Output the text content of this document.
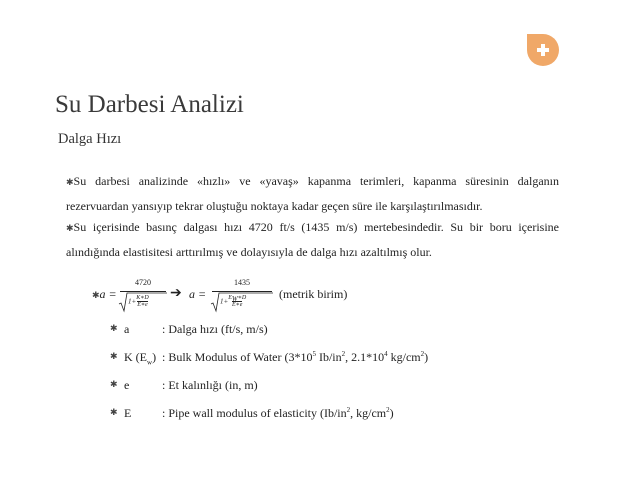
Su Darbesi Analizi
Dalga Hızı
✱Su darbesi analizinde «hızlı» ve «yavaş» kapanma terimleri, kapanma süresinin dalganın
rezervuardan yansıyıp tekrar oluştuğu noktaya kadar geçen süre ile karşılaştırılmasıdır.
✱Su içerisinde basınç dalgası hızı 4720 ft/s (1435 m/s) mertebesindedir. Su bir boru içerisine
alındığında elastisitesi arttırılmış ve dolayısıyla de dalga hızı azaltılmış olur.
✱a =
4720
$1+\frac{K∗D}{E∗e}$
➔ a =
1435
$1+\frac{E_W∗D}{E∗e}$
(metrik birim)
✱ a	: Dalga hızı (ft/s, m/s)
✱ K $(E_w)$ : Bulk Modulus of Water ($3*10^5$ $Ib/in^2$, $2.1*10^4$ $kg/cm^2$)
✱ e	: Et kalınlığı (in, m)
✱ E	: Pipe wall modulus of elasticity ($Ib/in^2$, $kg/cm^2$)
